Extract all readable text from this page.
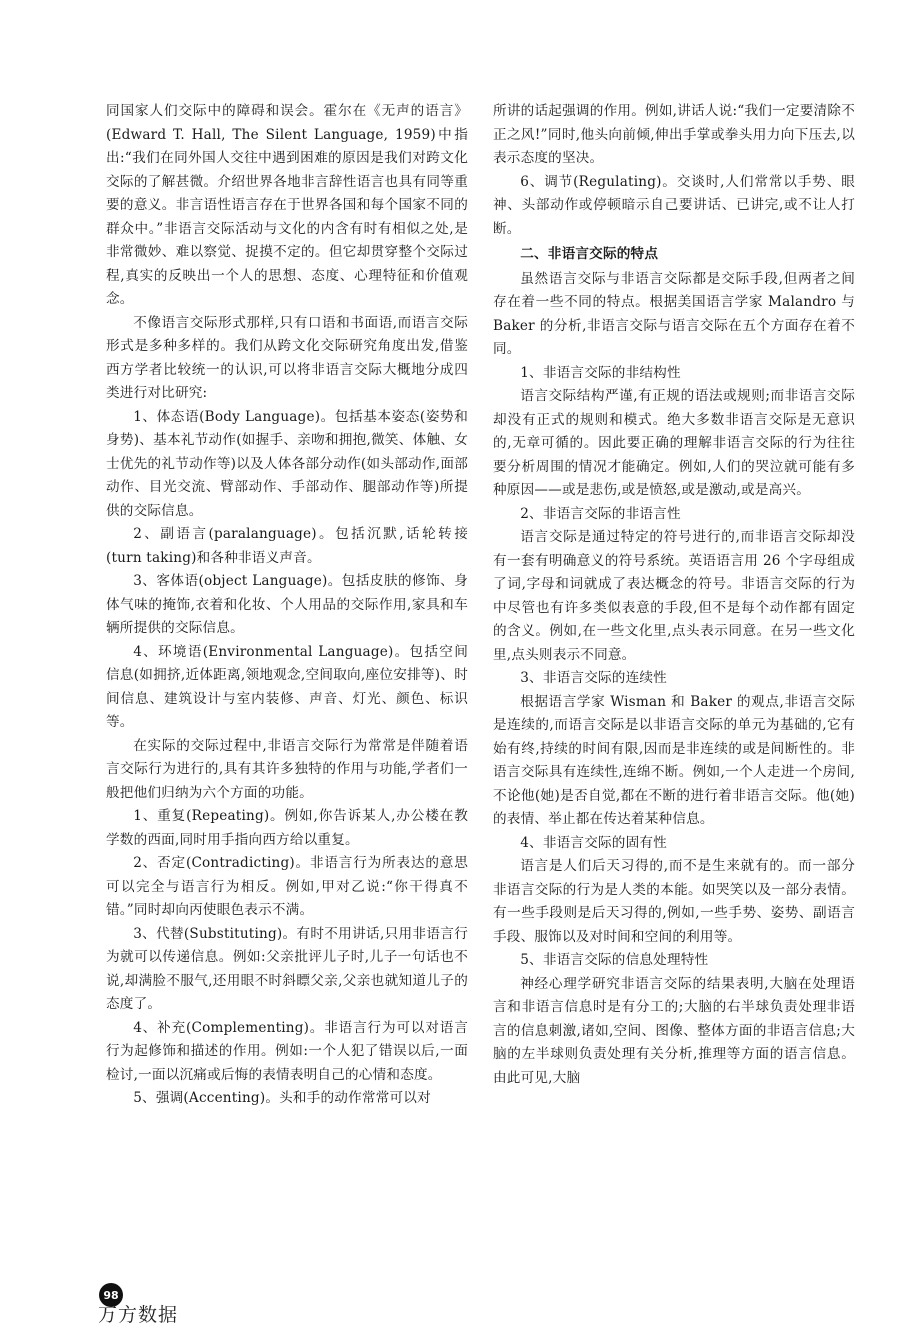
同国家人们交际中的障碍和误会。霍尔在《无声的语言》(Edward T. Hall, The Silent Language, 1959)中指出:“我们在同外国人交往中遇到困难的原因是我们对跨文化交际的了解甚微。介绍世界各地非言辞性语言也具有同等重要的意义。非言语性语言存在于世界各国和每个国家不同的群众中。”非语言交际活动与文化的内含有时有相似之处,是非常微妙、难以察觉、捉摸不定的。但它却贯穿整个交际过程,真实的反映出一个人的思想、态度、心理特征和价值观念。

不像语言交际形式那样,只有口语和书面语,而语言交际形式是多种多样的。我们从跨文化交际研究角度出发,借鉴西方学者比较统一的认识,可以将非语言交际大概地分成四类进行对比研究:

1、体态语(Body Language)。包括基本姿态(姿势和身势)、基本礼节动作(如握手、亲吻和拥抱,微笑、体触、女士优先的礼节动作等)以及人体各部分动作(如头部动作,面部动作、目光交流、臂部动作、手部动作、腿部动作等)所提供的交际信息。

2、副语言(paralanguage)。包括沉默,话轮转接(turn taking)和各种非语义声音。

3、客体语(object Language)。包括皮肤的修饰、身体气味的掩饰,衣着和化妆、个人用品的交际作用,家具和车辆所提供的交际信息。

4、环境语(Environmental Language)。包括空间信息(如拥挤,近体距离,领地观念,空间取向,座位安排等)、时间信息、建筑设计与室内装修、声音、灯光、颜色、标识等。

在实际的交际过程中,非语言交际行为常常是伴随着语言交际行为进行的,具有其许多独特的作用与功能,学者们一般把他们归纳为六个方面的功能。

1、重复(Repeating)。例如,你告诉某人,办公楼在教学数的西面,同时用手指向西方给以重复。

2、否定(Contradicting)。非语言行为所表达的意思可以完全与语言行为相反。例如,甲对乙说:“你干得真不错。”同时却向丙使眼色表示不满。

3、代替(Substituting)。有时不用讲话,只用非语言行为就可以传递信息。例如:父亲批评儿子时,儿子一句话也不说,却满脸不服气,还用眼不时斜瞟父亲,父亲也就知道儿子的态度了。

4、补充(Complementing)。非语言行为可以对语言行为起修饰和描述的作用。例如:一个人犯了错误以后,一面检讨,一面以沉痛或后悔的表情表明自己的心情和态度。

5、强调(Accenting)。头和手的动作常常可以对

所讲的话起强调的作用。例如,讲话人说:“我们一定要清除不正之风!”同时,他头向前倾,伸出手掌或拳头用力向下压去,以表示态度的坚决。

6、调节(Regulating)。交谈时,人们常常以手势、眼神、头部动作或停顿暗示自己要讲话、已讲完,或不让人打断。

二、非语言交际的特点

虽然语言交际与非语言交际都是交际手段,但两者之间存在着一些不同的特点。根据美国语言学家 Malandro 与 Baker 的分析,非语言交际与语言交际在五个方面存在着不同。

1、非语言交际的非结构性

语言交际结构严谨,有正规的语法或规则;而非语言交际却没有正式的规则和模式。绝大多数非语言交际是无意识的,无章可循的。因此要正确的理解非语言交际的行为往往要分析周围的情况才能确定。例如,人们的哭泣就可能有多种原因——或是悲伤,或是愤怒,或是激动,或是高兴。

2、非语言交际的非语言性

语言交际是通过特定的符号进行的,而非语言交际却没有一套有明确意义的符号系统。英语语言用 26 个字母组成了词,字母和词就成了表达概念的符号。非语言交际的行为中尽管也有许多类似表意的手段,但不是每个动作都有固定的含义。例如,在一些文化里,点头表示同意。在另一些文化里,点头则表示不同意。

3、非语言交际的连续性

根据语言学家 Wisman 和 Baker 的观点,非语言交际是连续的,而语言交际是以非语言交际的单元为基础的,它有始有终,持续的时间有限,因而是非连续的或是间断性的。非语言交际具有连续性,连绵不断。例如,一个人走进一个房间,不论他(她)是否自觉,都在不断的进行着非语言交际。他(她)的表情、举止都在传达着某种信息。

4、非语言交际的固有性

语言是人们后天习得的,而不是生来就有的。而一部分非语言交际的行为是人类的本能。如哭笑以及一部分表情。有一些手段则是后天习得的,例如,一些手势、姿势、副语言手段、服饰以及对时间和空间的利用等。

5、非语言交际的信息处理特性

神经心理学研究非语言交际的结果表明,大脑在处理语言和非语言信息时是有分工的;大脑的右半球负责处理非语言的信息刺激,诸如,空间、图像、整体方面的非语言信息;大脑的左半球则负责处理有关分析,推理等方面的语言信息。由此可见,大脑

98
万方数据
